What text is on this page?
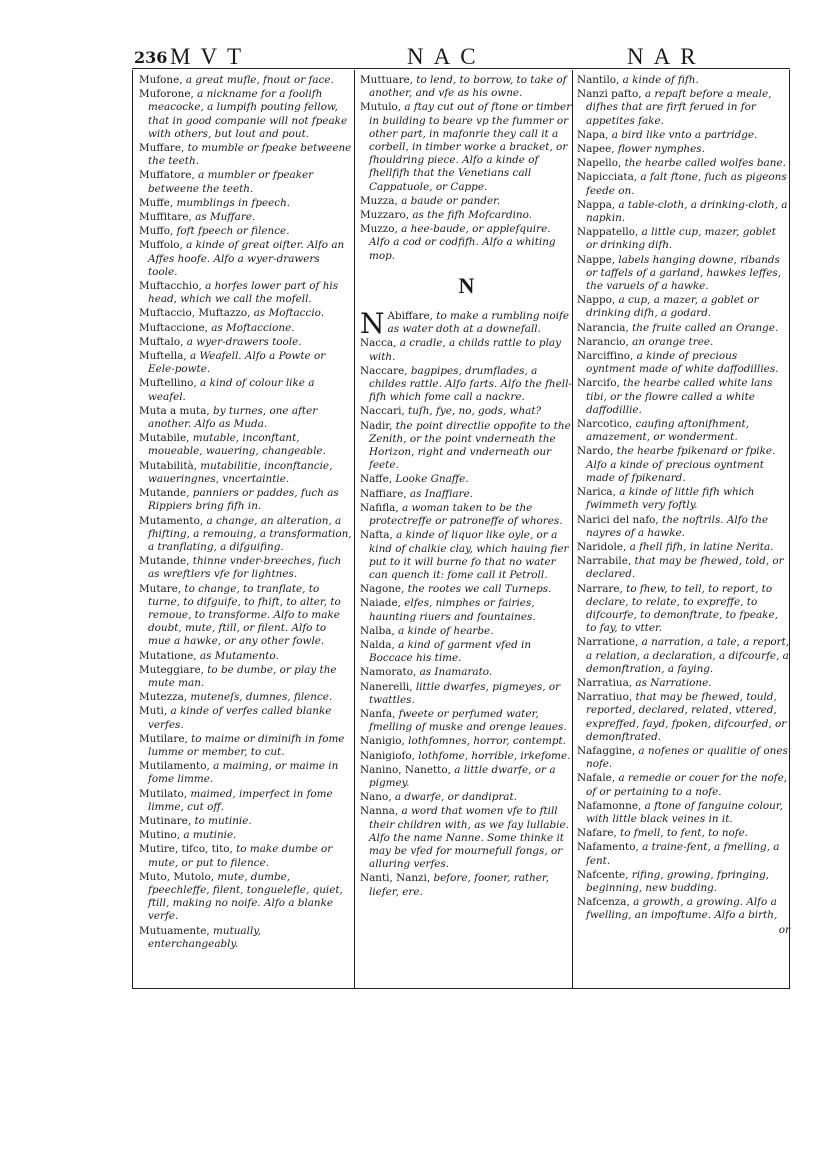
236 MVT	NAC	NAR
Mufone, a great mufle, fnout or face.
Muforone, a nickname for a foolifh meacocke, a lumpifh pouting fellow, that in good companie will not fpeake with others, but lout and pout.
Muffare, to mumble or fpeake betweene the teeth.
Muffatore, a mumbler or fpeaker betweene the teeth.
Muffe, mumblings in fpeech.
Muffitare, as Muffare.
Muffo, foft fpeech or filence.
Muffolo, a kinde of great oifter. Alfo an Affes hoofe. Alfo a wyer-drawers toole.
Muftacchio, a horfes lower part of his head, which we call the mofell.
Muftaccio, Muftazzo, as Moftaccio.
Muftaccione, as Moftaccione.
Muftalo, a wyer-drawers toole.
Muftella, a Weafell. Alfo a Powte or Eele-powte.
Muftellino, a kind of colour like a weafel.
Muta a muta, by turnes, one after another. Alfo as Muda.
Mutabile, mutable, inconftant, moueable, wauering, changeable.
Mutabilità, mutabilitie, inconftancie, waueringnes, vncertaintie.
Mutande, panniers or paddes, fuch as Rippiers bring fifh in.
Mutamento, a change, an alteration, a fhifting, a remouing, a transformation, a tranflating, a difguifing.
Mutande, thinne vnder-breeches, fuch as wreftlers vfe for lightnes.
Mutare, to change, to tranflate, to turne, to difguife, to fhift, to alter, to remoue, to transforme. Alfo to make doubt, mute, ftill, or filent. Alfo to mue a hawke, or any other fowle.
Mutatione, as Mutamento.
Muteggiare, to be dumbe, or play the mute man.
Mutezza, muteneſs, dumnes, filence.
Muti, a kinde of verfes called blanke verfes.
Mutilare, to maime or diminifh in fome lumme or member, to cut.
Mutilamento, a maiming, or maime in fome limme.
Mutilato, maimed, imperfect in fome limme, cut off.
Mutinare, to mutinie.
Mutino, a mutinie.
Mutire, tifco, tito, to make dumbe or mute, or put to filence.
Muto, Mutolo, mute, dumbe, fpeechleffe, filent, tonguelefle, quiet, ftill, making no noife. Alfo a blanke verfe.
Mutuamente, mutually, enterchangeably.
Muttuare, to lend, to borrow, to take of another, and vfe as his owne.
Mutulo, a ftay cut out of ftone or timber in building to beare vp the fummer or other part, in mafonrie they call it a corbell, in timber worke a bracket, or fhouldring piece. Alfo a kinde of fhellfifh that the Venetians call Cappatuole, or Cappe.
Muzza, a baude or pander.
Muzzaro, as the fifh Mofcardino.
Muzzo, a hee-baude, or applefquire. Alfo a cod or codfifh. Alfo a whiting mop.
N
N Abiffare, to make a rumbling noife as water doth at a downefall.
Nacca, a cradle, a childs rattle to play with.
Naccare, bagpipes, drumflades, a childes rattle. Alfo farts. Alfo the fhell-fifh which fome call a nackre.
Naccari, tuſh, fye, no, gods, what?
Nadir, the point directlie oppofite to the Zenith, or the point vnderneath the Horizon, right and vnderneath our feete.
Naffe, Looke Gnaffe.
Naffiare, as Inaffiare.
Nafifla, a woman taken to be the protectreffe or patroneffe of whores.
Nafta, a kinde of liquor like oyle, or a kind of chalkie clay, which hauing fier put to it will burne fo that no water can quench it: fome call it Petroll.
Nagone, the rootes we call Turneps.
Naiade, elfes, nimphes or fairies, haunting riuers and fountaines.
Nalba, a kinde of hearbe.
Nalda, a kind of garment vfed in Boccace his time.
Namorato, as Inamarato.
Nanerelli, little dwarfes, pigmeyes, or twattles.
Nanfa, fweete or perfumed water, fmelling of muske and orenge leaues.
Nanigio, lothfomnes, horror, contempt.
Nanigiofo, lothfome, horrible, irkefome.
Nanino, Nanetto, a little dwarfe, or a pigmey.
Nano, a dwarfe, or dandiprat.
Nanna, a word that women vfe to ftill their children with, as we fay lullabie. Alfo the name Nanne. Some thinke it may be vfed for mournefull fongs, or alluring verfes.
Nanti, Nanzi, before, fooner, rather, liefer, ere.
Nantilo, a kinde of fifh.
Nanzi pafto, a repaft before a meale, difhes that are firft ferued in for appetites fake.
Napa, a bird like vnto a partridge.
Napee, flower nymphes.
Napello, the hearbe called wolfes bane.
Napicciata, a falt ftone, fuch as pigeons feede on.
Nappa, a table-cloth, a drinking-cloth, a napkin.
Nappatello, a little cup, mazer, goblet or drinking difh.
Nappe, labels hanging downe, ribands or taffels of a garland, hawkes leffes, the varuels of a hawke.
Nappo, a cup, a mazer, a goblet or drinking difh, a godard.
Narancia, the fruite called an Orange.
Narancio, an orange tree.
Narciffino, a kinde of precious oyntment made of white daffodillies.
Narcifo, the hearbe called white lans tibi, or the flowre called a white daffodillie.
Narcotico, caufing aftonifhment, amazement, or wonderment.
Nardo, the hearbe fpikenard or fpike. Alfo a kinde of precious oyntment made of fpikenard.
Narica, a kinde of little fifh which fwimmeth very foftly.
Narici del nafo, the noftrils. Alfo the nayres of a hawke.
Naridole, a fhell fifh, in latine Nerita.
Narrabile, that may be fhewed, told, or declared.
Narrare, to fhew, to tell, to report, to declare, to relate, to expreffe, to difcourfe, to demonftrate, to fpeake, to fay, to vtter.
Narratione, a narration, a tale, a report, a relation, a declaration, a difcourfe, a demonftration, a faying.
Narratiua, as Narratione.
Narratiuo, that may be fhewed, tould, reported, declared, related, vttered, expreffed, fayd, fpoken, difcourfed, or demonftrated.
Nafaggine, a nofenes or qualitie of ones nofe.
Nafale, a remedie or couer for the nofe, of or pertaining to a nofe.
Nafamonne, a ftone of fanguine colour, with little black veines in it.
Nafare, to fmell, to fent, to nofe.
Nafamento, a traine-fent, a fmelling, a fent.
Nafcente, rifing, growing, fpringing, beginning, new budding.
Nafcenza, a growth, a growing. Alfo a fwelling, an impoftume. Alfo a birth,
or
